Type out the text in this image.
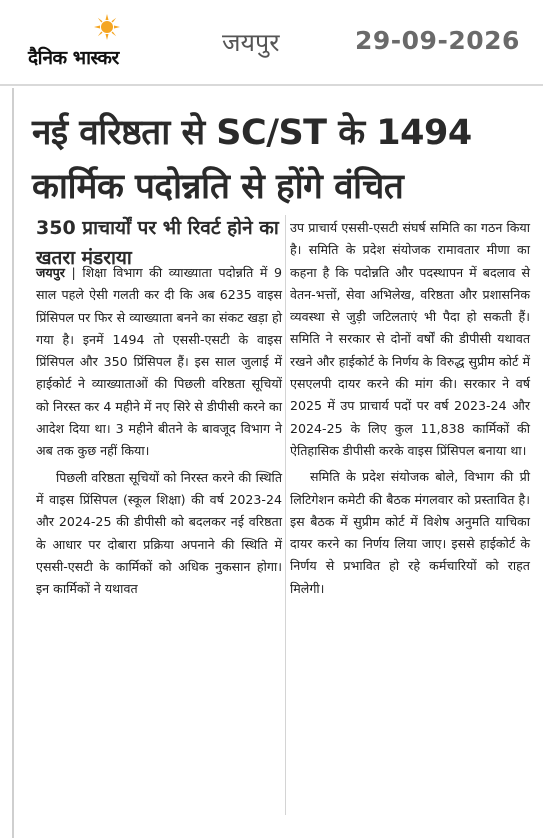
दैनिक भास्कर
जयपुर	29-09-2026
नई वरिष्ठता से SC/ST के 1494
कार्मिक पदोन्नति से होंगे वंचित
350 प्राचार्यों पर भी रिवर्ट होने का खतरा मंडराया

जयपुर | शिक्षा विभाग की व्याख्याता पदोन्नति में 9 साल पहले ऐसी गलती कर दी कि अब 6235 वाइस प्रिंसिपल पर फिर से व्याख्याता बनने का संकट खड़ा हो गया है। इनमें 1494 तो एससी-एसटी के वाइस प्रिंसिपल और 350 प्रिंसिपल हैं। इस साल जुलाई में हाईकोर्ट ने व्याख्याताओं की पिछली वरिष्ठता सूचियों को निरस्त कर 4 महीने में नए सिरे से डीपीसी करने का आदेश दिया था। 3 महीने बीतने के बावजूद विभाग ने अब तक कुछ नहीं किया।

पिछली वरिष्ठता सूचियों को निरस्त करने की स्थिति में वाइस प्रिंसिपल (स्कूल शिक्षा) की वर्ष 2023-24 और 2024-25 की डीपीसी को बदलकर नई वरिष्ठता के आधार पर दोबारा प्रक्रिया अपनाने की स्थिति में एससी-एसटी के कार्मिकों को अधिक नुकसान होगा। इन कार्मिकों ने यथावत

उप प्राचार्य एससी-एसटी संघर्ष समिति का गठन किया है। समिति के प्रदेश संयोजक रामावतार मीणा का कहना है कि पदोन्नति और पदस्थापन में बदलाव से वेतन-भत्तों, सेवा अभिलेख, वरिष्ठता और प्रशासनिक व्यवस्था से जुड़ी जटिलताएं भी पैदा हो सकती हैं। समिति ने सरकार से दोनों वर्षों की डीपीसी यथावत रखने और हाईकोर्ट के निर्णय के विरुद्ध सुप्रीम कोर्ट में एसएलपी दायर करने की मांग की। सरकार ने वर्ष 2025 में उप प्राचार्य पदों पर वर्ष 2023-24 और 2024-25 के लिए कुल 11,838 कार्मिकों की ऐतिहासिक डीपीसी करके वाइस प्रिंसिपल बनाया था।

समिति के प्रदेश संयोजक बोले, विभाग की प्री लिटिगेशन कमेटी की बैठक मंगलवार को प्रस्तावित है। इस बैठक में सुप्रीम कोर्ट में विशेष अनुमति याचिका दायर करने का निर्णय लिया जाए। इससे हाईकोर्ट के निर्णय से प्रभावित हो रहे कर्मचारियों को राहत मिलेगी।
